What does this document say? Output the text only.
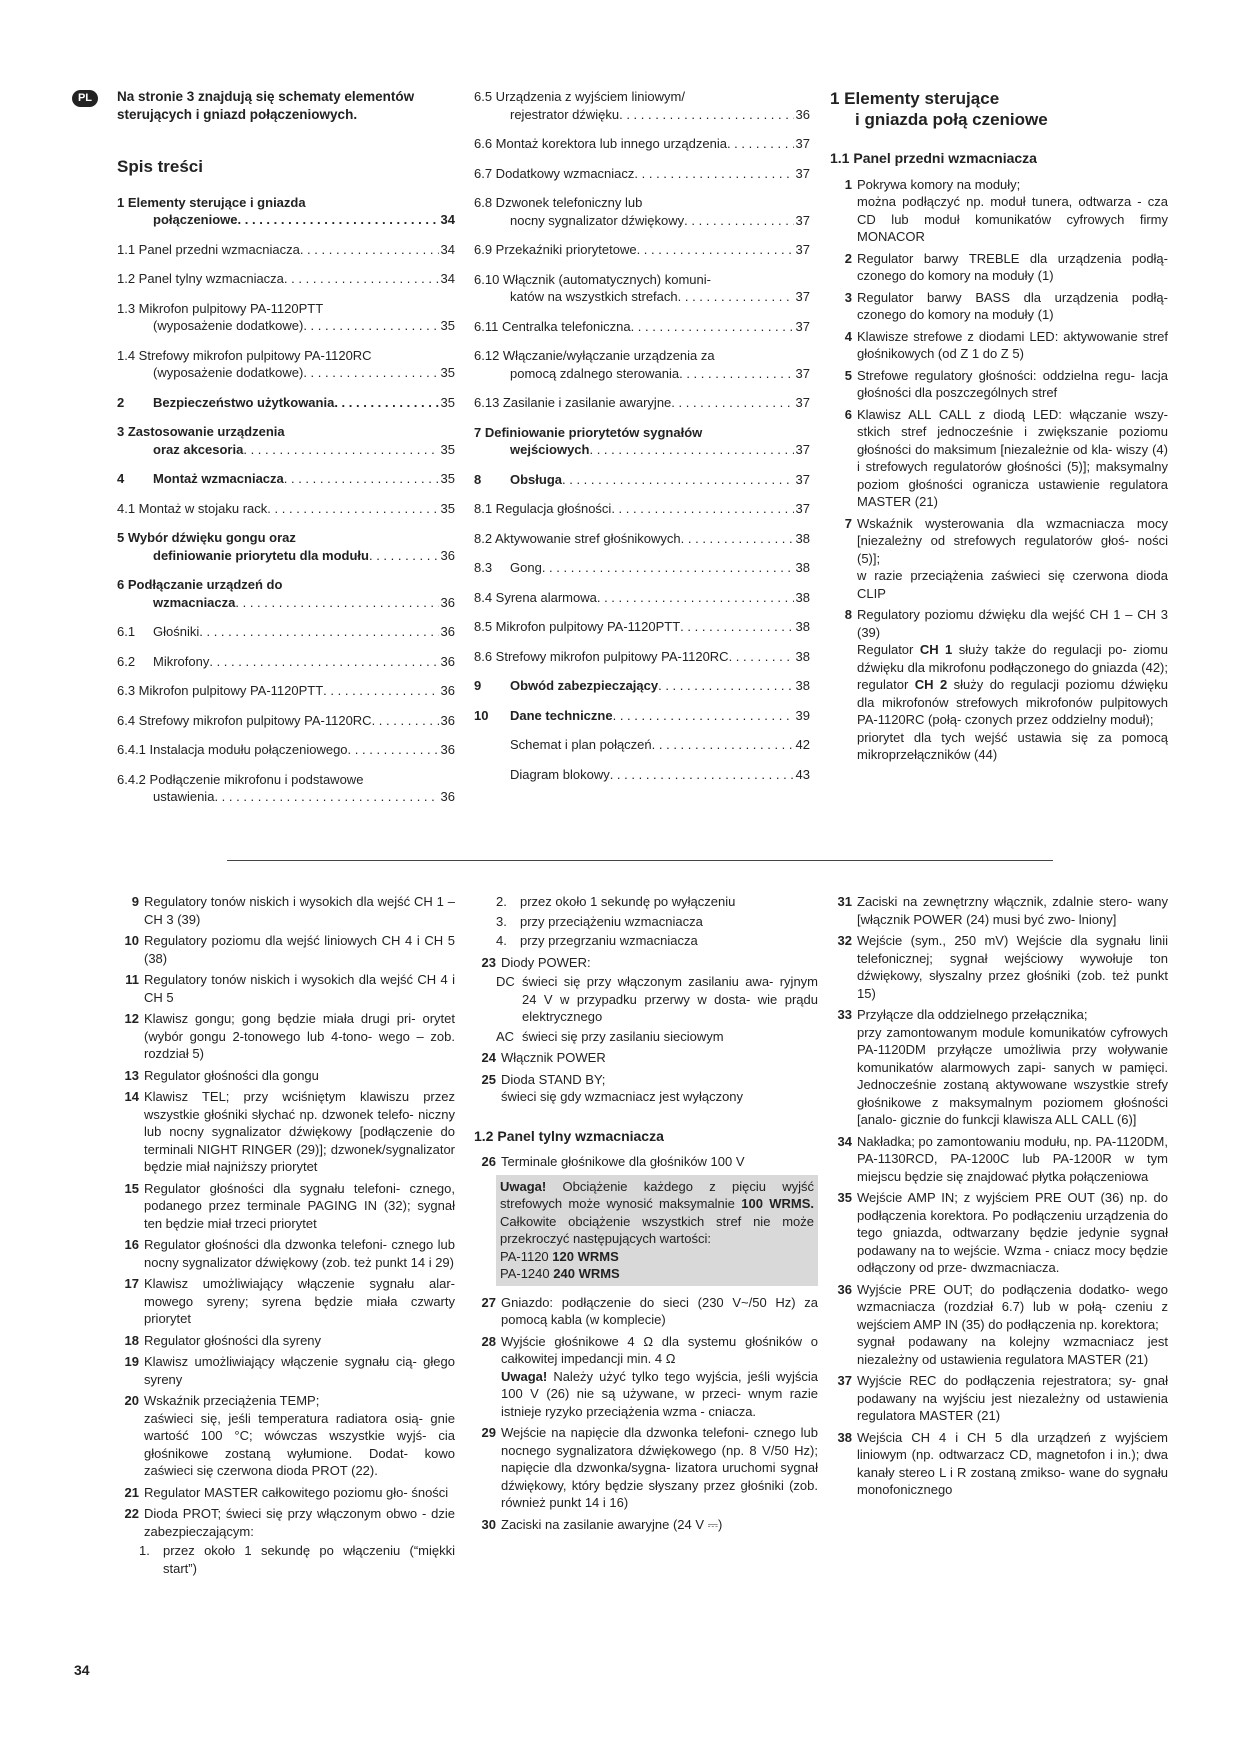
PL	Na stronie 3 znajdują się schematy elementów sterujących i gniazd połączeniowych.
Spis treści
1 Elementy sterujące i gniazda
połączeniowe . . .	34
1.1 Panel przedni wzmacniacza . . .	34
1.2 Panel tylny wzmacniacza . . .	34
1.3 Mikrofon pulpitowy PA-1120PTT
(wyposażenie dodatkowe) . . .	35
1.4 Strefowy mikrofon pulpitowy PA-1120RC
(wyposażenie dodatkowe) . . .	35
2 Bezpieczeństwo użytkowania . . .	35
3 Zastosowanie urządzenia
oraz akcesoria . . .	35
4 Montaż wzmacniacza . . .	35
4.1 Montaż w stojaku rack . . .	35
5 Wybór dźwięku gongu oraz
definiowanie priorytetu dla modułu . . .	36
6 Podłączanie urządzeń do
wzmacniacza . . .	36
6.1 Głośniki . . .	36
6.2 Mikrofony . . .	36
6.3 Mikrofon pulpitowy PA-1120PTT . . .	36
6.4 Strefowy mikrofon pulpitowy PA-1120RC . . .	36
6.4.1 Instalacja modułu połączeniowego . . .	36
6.4.2 Podłączenie mikrofonu i podstawowe
ustawienia . . .	36
6.5 Urządzenia z wyjściem liniowym/
rejestrator dźwięku . . .	36
6.6 Montaż korektora lub innego urządzenia . . .	37
6.7 Dodatkowy wzmacniacz . . .	37
6.8 Dzwonek telefoniczny lub
nocny sygnalizator dźwiękowy . . .	37
6.9 Przekaźniki priorytetowe . . .	37
6.10 Włącznik (automatycznych) komuni-
katów na wszystkich strefach . . .	37
6.11 Centralka telefoniczna . . .	37
6.12 Włączanie/wyłączanie urządzenia za
pomocą zdalnego sterowania . . .	37
6.13 Zasilanie i zasilanie awaryjne . . .	37
7 Definiowanie priorytetów sygnałów
wejściowych . . .	37
8 Obsługa . . .	37
8.1 Regulacja głośności . . .	37
8.2 Aktywowanie stref głośnikowych . . .	38
8.3 Gong . . .	38
8.4 Syrena alarmowa . . .	38
8.5 Mikrofon pulpitowy PA-1120PTT . . .	38
8.6 Strefowy mikrofon pulpitowy PA-1120RC . . .	38
9 Obwód zabezpieczający . . .	38
10 Dane techniczne . . .	39
Schemat i plan połączeń . . .	42
Diagram blokowy . . .	43
1 Elementy sterujące
i gniazda połą czeniowe
1.1 Panel przedni wzmacniacza
1 Pokrywa komory na moduły;
można podłączyć np. moduł tunera, odtwarza - cza CD lub moduł komunikatów cyfrowych firmy MONACOR
2 Regulator barwy TREBLE dla urządzenia podłą- czonego do komory na moduły (1)
3 Regulator barwy BASS dla urządzenia podłą- czonego do komory na moduły (1)
4 Klawisze strefowe z diodami LED: aktywowanie stref głośnikowych (od Z 1 do Z 5)
5 Strefowe regulatory głośności: oddzielna regu- lacja głośności dla poszczególnych stref
6 Klawisz ALL CALL z diodą LED: włączanie wszy- stkich stref jednocześnie i zwiększanie poziomu głośności do maksimum [niezależnie od kla- wiszy (4) i strefowych regulatorów głośności (5)]; maksymalny poziom głośności ogranicza ustawienie regulatora MASTER (21)
7 Wskaźnik wysterowania dla wzmacniacza mocy [niezależny od strefowych regulatorów głoś- ności (5)];
w razie przeciążenia zaświeci się czerwona dioda CLIP
8 Regulatory poziomu dźwięku dla wejść CH 1 – CH 3 (39)
Regulator CH 1 służy także do regulacji po- ziomu dźwięku dla mikrofonu podłączonego do gniazda (42); regulator CH 2 służy do regulacji poziomu dźwięku dla mikrofonów strefowych mikrofonów pulpitowych PA-1120RC (połą- czonych przez oddzielny moduł);
priorytet dla tych wejść ustawia się za pomocą mikroprzełączników (44)
9 Regulatory tonów niskich i wysokich dla wejść CH 1 – CH 3 (39)
10 Regulatory poziomu dla wejść liniowych CH 4 i CH 5 (38)
11 Regulatory tonów niskich i wysokich dla wejść CH 4 i CH 5
12 Klawisz gongu; gong będzie miała drugi pri- orytet (wybór gongu 2-tonowego lub 4-tono- wego – zob. rozdział 5)
13 Regulator głośności dla gongu
14 Klawisz TEL; przy wciśniętym klawiszu przez wszystkie głośniki słychać np. dzwonek telefo- niczny lub nocny sygnalizator dźwiękowy [podłączenie do terminali NIGHT RINGER (29)]; dzwonek/sygnalizator będzie miał najniższy priorytet
15 Regulator głośności dla sygnału telefoni- cznego, podanego przez terminale PAGING IN (32); sygnał ten będzie miał trzeci priorytet
16 Regulator głośności dla dzwonka telefoni- cznego lub nocny sygnalizator dźwiękowy (zob. też punkt 14 i 29)
17 Klawisz umożliwiający włączenie sygnału alar- mowego syreny; syrena będzie miała czwarty priorytet
18 Regulator głośności dla syreny
19 Klawisz umożliwiający włączenie sygnału cią- głego syreny
20 Wskaźnik przeciążenia TEMP;
zaświeci się, jeśli temperatura radiatora osią- gnie wartość 100 °C; wówczas wszystkie wyjś- cia głośnikowe zostaną wyłumione. Dodat- kowo zaświeci się czerwona dioda PROT (22).
21 Regulator MASTER całkowitego poziomu gło- śności
22 Dioda PROT; świeci się przy włączonym obwo - dzie zabezpieczającym:
1.	przez około 1 sekundę po włączeniu (“miękki start”)
2.	przez około 1 sekundę po wyłączeniu
3.	przy przeciążeniu wzmacniacza
4.	przy przegrzaniu wzmacniacza
23 Diody POWER:
DC świeci się przy włączonym zasilaniu awa- ryjnym 24 V w przypadku przerwy w dosta- wie prądu elektrycznego
AC świeci się przy zasilaniu sieciowym
24 Włącznik POWER
25 Dioda STAND BY;
świeci się gdy wzmacniacz jest wyłączony
1.2 Panel tylny wzmacniacza
26 Terminale głośnikowe dla głośników 100 V
Uwaga! Obciążenie każdego z pięciu wyjść strefowych może wynosić maksymalnie 100 WRMS. Całkowite obciążenie wszystkich stref nie może przekroczyć następujących wartości:
PA-1120 120 WRMS
PA-1240 240 WRMS
27 Gniazdo: podłączenie do sieci (230 V~/50 Hz) za pomocą kabla (w komplecie)
28 Wyjście głośnikowe 4 Ω dla systemu głośników o całkowitej impedancji min. 4 Ω
Uwaga! Należy użyć tylko tego wyjścia, jeśli wyjścia 100 V (26) nie są używane, w przeci- wnym razie istnieje ryzyko przeciążenia wzma - cniacza.
29 Wejście na napięcie dla dzwonka telefoni- cznego lub nocnego sygnalizatora dźwiękowego (np. 8 V/50 Hz); napięcie dla dzwonka/sygna- lizatora uruchomi sygnał dźwiękowy, który będzie słyszany przez głośniki (zob. również punkt 14 i 16)
30 Zaciski na zasilanie awaryjne (24 V ⎓)
31 Zaciski na zewnętrzny włącznik, zdalnie stero- wany [włącznik POWER (24) musi być zwo- lniony]
32 Wejście (sym., 250 mV) Wejście dla sygnału linii telefonicznej; sygnał wejściowy wywołuje ton dźwiękowy, słyszalny przez głośniki (zob. też punkt 15)
33 Przyłącze dla oddzielnego przełącznika;
przy zamontowanym module komunikatów cyfrowych PA-1120DM przyłącze umożliwia przy woływanie komunikatów alarmowych zapi- sanych w pamięci. Jednocześnie zostaną aktywowane wszystkie strefy głośnikowe z maksymalnym poziomem głośności [analo- gicznie do funkcji klawisza ALL CALL (6)]
34 Nakładka; po zamontowaniu modułu, np. PA-1120DM, PA-1130RCD, PA-1200C lub PA-1200R w tym miejscu będzie się znajdować płytka połączeniowa
35 Wejście AMP IN; z wyjściem PRE OUT (36) np. do podłączenia korektora. Po podłączeniu urządzenia do tego gniazda, odtwarzany będzie jedynie sygnał podawany na to wejście. Wzma - cniacz mocy będzie odłączony od prze- dwzmacniacza.
36 Wyjście PRE OUT; do podłączenia dodatko- wego wzmacniacza (rozdział 6.7) lub w połą- czeniu z wejściem AMP IN (35) do podłączenia np. korektora;
sygnał podawany na kolejny wzmacniacz jest niezależny od ustawienia regulatora MASTER (21)
37 Wyjście REC do podłączenia rejestratora; sy- gnał podawany na wyjściu jest niezależny od ustawienia regulatora MASTER (21)
38 Wejścia CH 4 i CH 5 dla urządzeń z wyjściem liniowym (np. odtwarzacz CD, magnetofon i in.); dwa kanały stereo L i R zostaną zmikso- wane do sygnału monofonicznego
34
